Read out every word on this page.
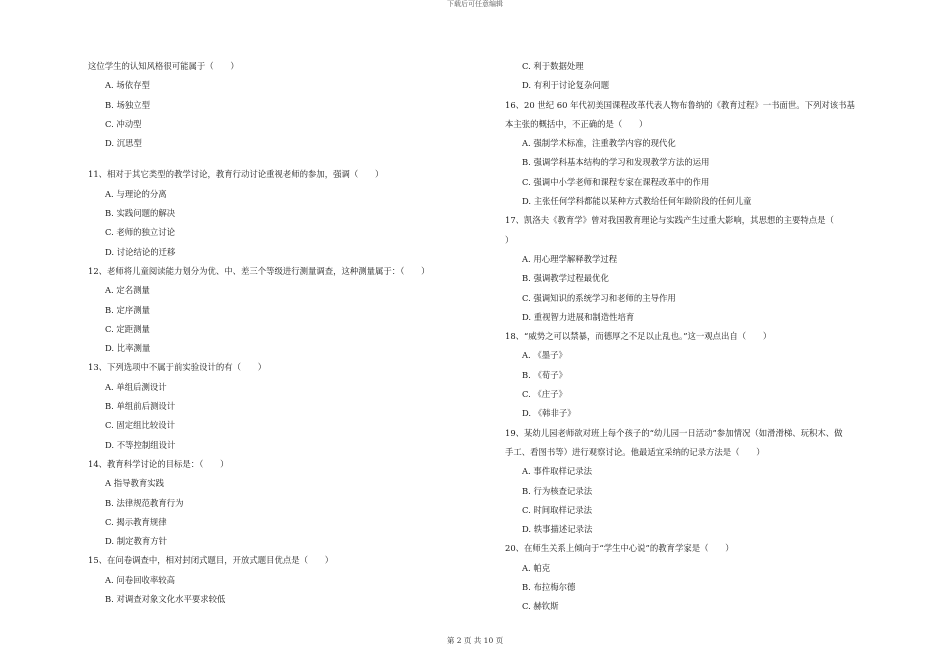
下载后可任意编辑
这位学生的认知风格很可能属于（　　）
A. 场依存型
B. 场独立型
C. 冲动型
D. 沉思型
11、相对于其它类型的教学讨论，教育行动讨论重视老师的参加，强调（　　）
A. 与理论的分离
B. 实践问题的解决
C. 老师的独立讨论
D. 讨论结论的迁移
12、老师将儿童阅读能力划分为优、中、差三个等级进行测量调查，这种测量属于：（　　）
A. 定名测量
B. 定序测量
C. 定距测量
D. 比率测量
13、下列选项中不属于前实验设计的有（　　）
A. 单组后测设计
B. 单组前后测设计
C. 固定组比较设计
D. 不等控制组设计
14、教育科学讨论的目标是：（　　）
A 指导教育实践
B. 法律规范教育行为
C. 揭示教育规律
D. 制定教育方针
15、在问卷调查中，相对封闭式题目，开放式题目优点是（　　）
A. 问卷回收率较高
B. 对调查对象文化水平要求较低
C. 利于数据处理
D. 有利于讨论复杂问题
16、20 世纪 60 年代初美国课程改革代表人物布鲁纳的《教育过程》一书面世。下列对该书基
本主张的概括中，不正确的是（　　）
A. 强制学术标准，注重教学内容的现代化
B. 强调学科基本结构的学习和发现教学方法的运用
C. 强调中小学老师和课程专家在课程改革中的作用
D. 主张任何学科都能以某种方式教给任何年龄阶段的任何儿童
17、凯洛夫《教育学》曾对我国教育理论与实践产生过重大影响，其思想的主要特点是（
）
A. 用心理学解释教学过程
B. 强调教学过程最优化
C. 强调知识的系统学习和老师的主导作用
D. 重视智力进展和制造性培育
18、“威势之可以禁暴，而德厚之不足以止乱也。”这一观点出自（　　）
A. 《墨子》
B. 《荀子》
C. 《庄子》
D. 《韩非子》
19、某幼儿园老师欲对班上每个孩子的“幼儿园一日活动”参加情况（如滑滑梯、玩积木、做
手工、看图书等）进行观察讨论。他最适宜采纳的记录方法是（　　）
A. 事件取样记录法
B. 行为核查记录法
C. 时间取样记录法
D. 轶事描述记录法
20、在师生关系上倾向于“学生中心说”的教育学家是（　　）
A. 帕克
B. 布拉梅尔德
C. 赫钦斯
第 2 页 共 10 页
